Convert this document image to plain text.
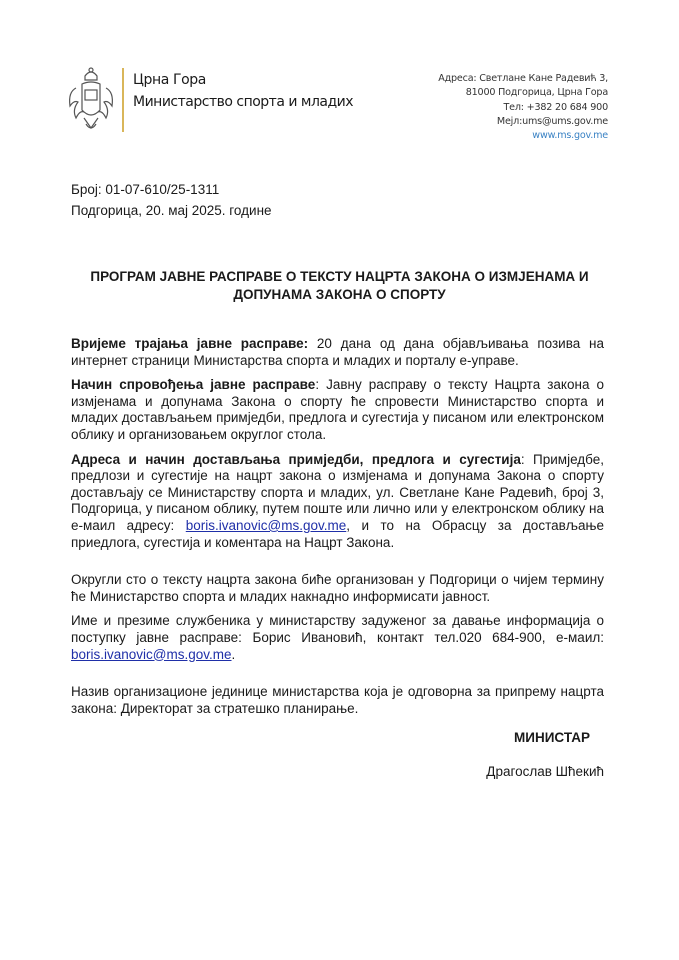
Црна Гора
Министарство спорта и младих
Адреса: Светлане Кане Радевић 3,
81000 Подгорица, Црна Гора
Тел: +382 20 684 900
Мејл:ums@ums.gov.me
www.ms.gov.me
Број: 01-07-610/25-1311
Подгорица, 20. мај 2025. године
ПРОГРАМ ЈАВНЕ РАСПРАВЕ О ТЕКСТУ НАЦРТА ЗАКОНА О ИЗМЈЕНАМА И
ДОПУНАМА ЗАКОНА О СПОРТУ

Вријеме трајања јавне расправе: 20 дана од дана објављивања позива на интернет страници Министарства спорта и младих и порталу е-управе.

Начин спровођења јавне расправе: Јавну расправу о тексту Нацрта закона о измјенама и допунама Закона о спорту ће спровести Министарство спорта и младих достављањем примједби, предлога и сугестија у писаном или електронском облику и организовањем округлог стола.

Адреса и начин достављања примједби, предлога и сугестија: Примједбе, предлози и сугестије на нацрт закона о измјенама и допунама Закона о спорту достављају се Министарству спорта и младих, ул. Светлане Кане Радевић, број 3, Подгорица, у писаном облику, путем поште или лично или у електронском облику на е-маил адресу: boris.ivanovic@ms.gov.me, и то на Обрасцу за достављање приедлога, сугестија и коментара на Нацрт Закона.

Округли сто о тексту нацрта закона биће организован у Подгорици о чијем термину ће Министарство спорта и младих накнадно информисати јавност.

Име и презиме службеника у министарству задуженог за давање информација о поступку јавне расправе: Борис Ивановић, контакт тел.020 684-900, е-маил: boris.ivanovic@ms.gov.me.

Назив организационе јединице министарства која је одговорна за припрему нацрта закона: Директорат за стратешко планирање.

МИНИСТАР
Драгослав Шћекић
